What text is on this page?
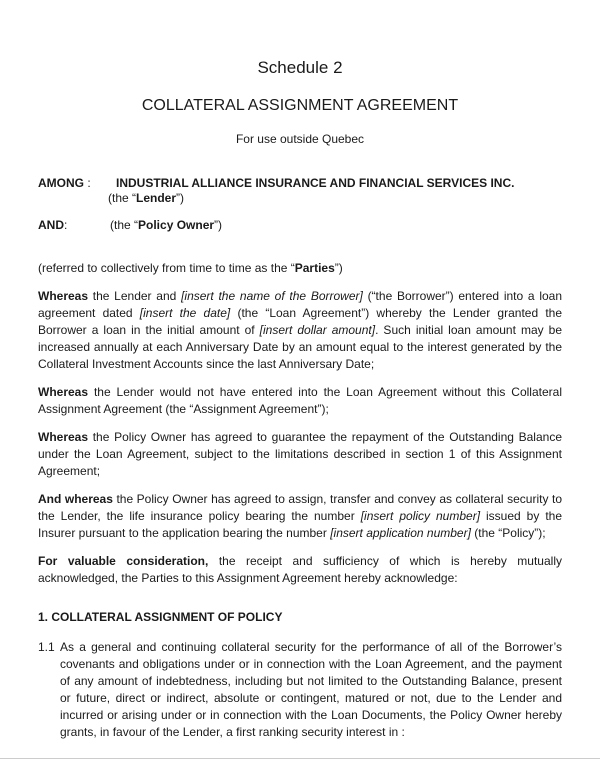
Schedule 2
COLLATERAL ASSIGNMENT AGREEMENT
For use outside Quebec
AMONG : INDUSTRIAL ALLIANCE INSURANCE AND FINANCIAL SERVICES INC.
(the “Lender”)
AND:	(the “Policy Owner”)
(referred to collectively from time to time as the “Parties”)
Whereas the Lender and [insert the name of the Borrower] (“the Borrower”) entered into a loan agreement dated [insert the date] (the “Loan Agreement”) whereby the Lender granted the Borrower a loan in the initial amount of [insert dollar amount]. Such initial loan amount may be increased annually at each Anniversary Date by an amount equal to the interest generated by the Collateral Investment Accounts since the last Anniversary Date;
Whereas the Lender would not have entered into the Loan Agreement without this Collateral Assignment Agreement (the “Assignment Agreement”);
Whereas the Policy Owner has agreed to guarantee the repayment of the Outstanding Balance under the Loan Agreement, subject to the limitations described in section 1 of this Assignment Agreement;
And whereas the Policy Owner has agreed to assign, transfer and convey as collateral security to the Lender, the life insurance policy bearing the number [insert policy number] issued by the Insurer pursuant to the application bearing the number [insert application number] (the “Policy”);
For valuable consideration, the receipt and sufficiency of which is hereby mutually acknowledged, the Parties to this Assignment Agreement hereby acknowledge:
1. COLLATERAL ASSIGNMENT OF POLICY
1.1 As a general and continuing collateral security for the performance of all of the Borrower’s covenants and obligations under or in connection with the Loan Agreement, and the payment of any amount of indebtedness, including but not limited to the Outstanding Balance, present or future, direct or indirect, absolute or contingent, matured or not, due to the Lender and incurred or arising under or in connection with the Loan Documents, the Policy Owner hereby grants, in favour of the Lender, a first ranking security interest in :
